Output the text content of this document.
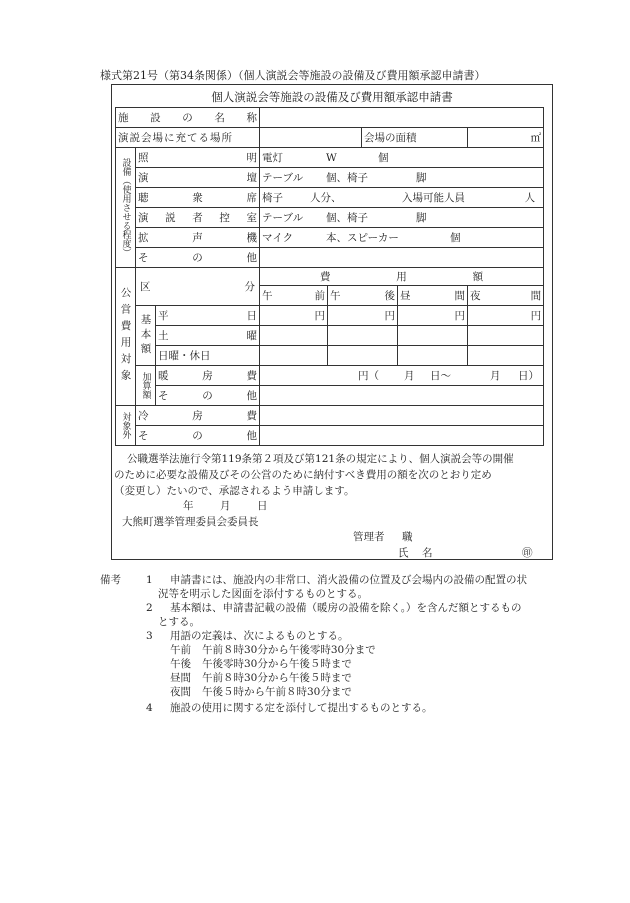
様式第21号（第34条関係）（個人演説会等施設の設備及び費用額承認申請書）
個人演説会等施設の設備及び費用額承認申請書
施 設 の 名 称							

演説会場に充てる場所					会場の面積		㎡

設備（使用させる程度）	照 明		電灯 W 個				

	演 壇		テーブル 個、椅子 脚				

	聴 衆 席		椅子 人分、 入場可能人員 人				

	演 説 者 控 室		テーブル 個、椅子 脚				

	拡 声 機		マイク 本、スピーカー 個				

	そ の 他						

公営費用対象	区 分		費 用 額				

			午 前	午 後		昼 間	夜 間

	基本額	平 日	円	円		円	円

		土 曜					

		日曜・休日					

	加算額	暖 房 費	円（ 月 日～ 月 日）				

		そ の 他					

対象外	冷 房 費						

	そ の 他						

公職選挙法施行令第119条第２項及び第121条の規定により、個人演説会等の開催
のために必要な設備及びその公営のために納付すべき費用の額を次のとおり定め
（変更し）たいので、承認されるよう申請します。
年	月	日
大熊町選挙管理委員会委員長
管理者 職
氏 名	㊞
備考 1 申請書には、施設内の非常口、消火設備の位置及び会場内の設備の配置の状
況等を明示した図面を添付するものとする。
2 基本額は、申請書記載の設備（暖房の設備を除く。）を含んだ額とするもの
とする。
3 用語の定義は、次によるものとする。
午前 午前８時30分から午後零時30分まで
午後 午後零時30分から午後５時まで
昼間 午前８時30分から午後５時まで
夜間 午後５時から午前８時30分まで
4 施設の使用に関する定を添付して提出するものとする。
